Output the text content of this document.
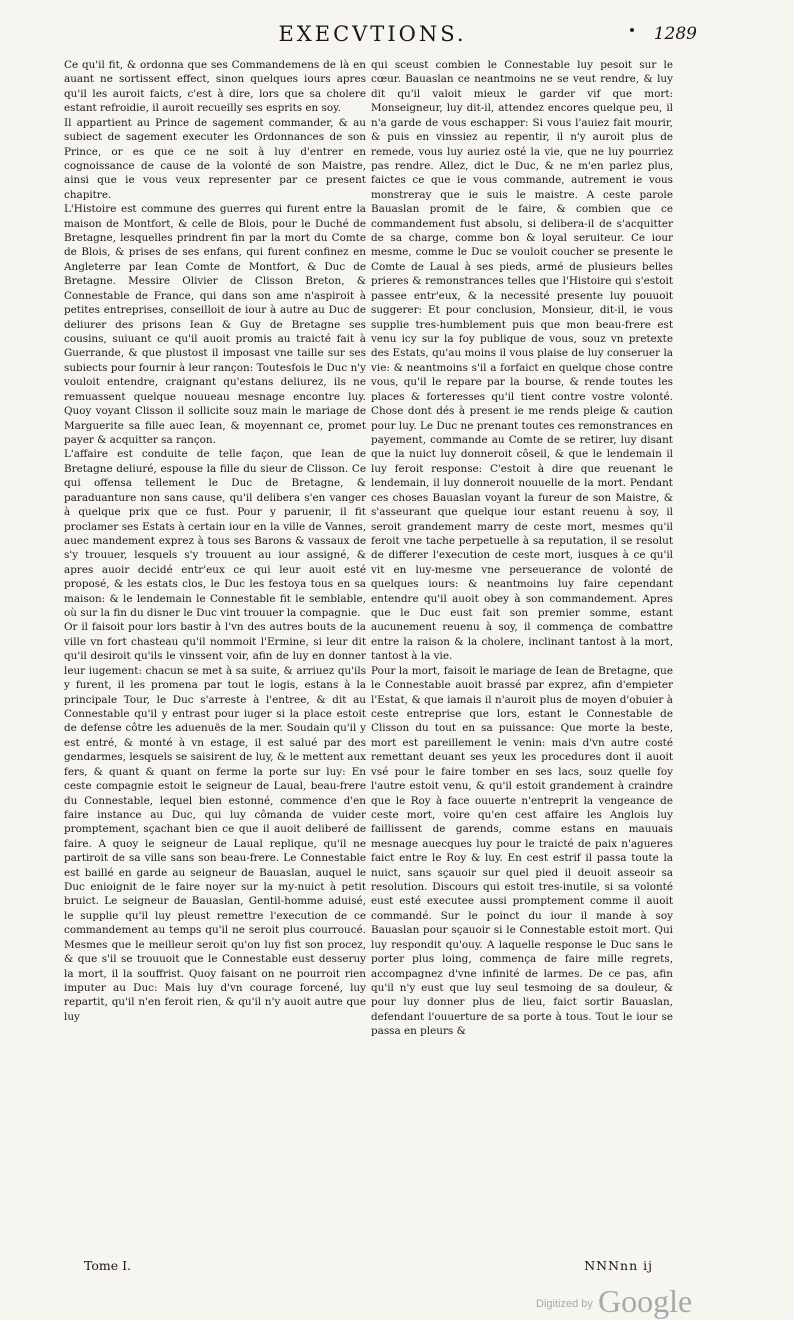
EXECVTIONS.	1289

Ce qu'il fit, & ordonna que ses Commandemens de là en auant ne sortissent effect, sinon quelques iours apres qu'il les auroit faicts, c'est à dire, lors que sa cholere estant refroidie, il auroit recueilly ses esprits en soy.

Il appartient au Prince de sagement commander, & au subiect de sagement executer les Ordonnances de son Prince, or es que ce ne soit à luy d'entrer en cognoissance de cause de la volonté de son Maistre, ainsi que ie vous veux representer par ce present chapitre.

L'Histoire est commune des guerres qui furent entre la maison de Montfort, & celle de Blois, pour le Duché de Bretagne, lesquelles prindrent fin par la mort du Comte de Blois, & prises de ses enfans, qui furent confinez en Angleterre par Iean Comte de Montfort, & Duc de Bretagne. Messire Olivier de Clisson Breton, & Connestable de France, qui dans son ame n'aspiroit à petites entreprises, conseilloit de iour à autre au Duc de deliurer des prisons Iean & Guy de Bretagne ses cousins, suiuant ce qu'il auoit promis au traicté fait à Guerrande, & que plustost il imposast vne taille sur ses subiects pour fournir à leur rançon: Toutesfois le Duc n'y vouloit entendre, craignant qu'estans deliurez, ils ne remuassent quelque nouueau mesnage encontre luy. Quoy voyant Clisson il sollicite souz main le mariage de Marguerite sa fille auec Iean, & moyennant ce, promet payer & acquitter sa rançon.

L'affaire est conduite de telle façon, que Iean de Bretagne deliuré, espouse la fille du sieur de Clisson. Ce qui offensa tellement le Duc de Bretagne, & paraduanture non sans cause, qu'il delibera s'en vanger à quelque prix que ce fust. Pour y paruenir, il fit proclamer ses Estats à certain iour en la ville de Vannes, auec mandement exprez à tous ses Barons & vassaux de s'y trouuer, lesquels s'y trouuent au iour assigné, & apres auoir decidé entr'eux ce qui leur auoit esté proposé, & les estats clos, le Duc les festoya tous en sa maison: & le lendemain le Connestable fit le semblable, où sur la fin du disner le Duc vint trouuer la compagnie.

Or il faisoit pour lors bastir à l'vn des autres bouts de la ville vn fort chasteau qu'il nommoit l'Ermine, si leur dit qu'il desiroit qu'ils le vinssent voir, afin de luy en donner leur iugement: chacun se met à sa suite, & arriuez qu'ils y furent, il les promena par tout le logis, estans à la principale Tour, le Duc s'arreste à l'entree, & dit au Connestable qu'il y entrast pour iuger si la place estoit de defense côtre les aduenuës de la mer. Soudain qu'il y est entré, & monté à vn estage, il est salué par des gendarmes, lesquels se saisirent de luy, & le mettent aux fers, & quant & quant on ferme la porte sur luy: En ceste compagnie estoit le seigneur de Laual, beau-frere du Connestable, lequel bien estonné, commence d'en faire instance au Duc, qui luy cômanda de vuider promptement, sçachant bien ce que il auoit deliberé de faire. A quoy le seigneur de Laual replique, qu'il ne partiroit de sa ville sans son beau-frere. Le Connestable est baillé en garde au seigneur de Bauaslan, auquel le Duc enioignit de le faire noyer sur la my-nuict à petit bruict. Le seigneur de Bauaslan, Gentil-homme aduisé, le supplie qu'il luy pleust remettre l'execution de ce commandement au temps qu'il ne seroit plus courroucé. Mesmes que le meilleur seroit qu'on luy fist son procez, & que s'il se trouuoit que le Connestable eust desseruy la mort, il la souffrist. Quoy faisant on ne pourroit rien imputer au Duc: Mais luy d'vn courage forcené, luy repartit, qu'il n'en feroit rien, & qu'il n'y auoit autre que luy

qui sceust combien le Connestable luy pesoit sur le cœur. Bauaslan ce neantmoins ne se veut rendre, & luy dit qu'il valoit mieux le garder vif que mort: Monseigneur, luy dit-il, attendez encores quelque peu, il n'a garde de vous eschapper: Si vous l'auiez fait mourir, & puis en vinssiez au repentir, il n'y auroit plus de remede, vous luy auriez osté la vie, que ne luy pourriez pas rendre. Allez, dict le Duc, & ne m'en parlez plus, faictes ce que ie vous commande, autrement ie vous monstreray que ie suis le maistre. A ceste parole Bauaslan promit de le faire, & combien que ce commandement fust absolu, si delibera-il de s'acquitter de sa charge, comme bon & loyal seruiteur. Ce iour mesme, comme le Duc se vouloit coucher se presente le Comte de Laual à ses pieds, armé de plusieurs belles prieres & remonstrances telles que l'Histoire qui s'estoit passee entr'eux, & la necessité presente luy pouuoit suggerer: Et pour conclusion, Monsieur, dit-il, ie vous supplie tres-humblement puis que mon beau-frere est venu icy sur la foy publique de vous, souz vn pretexte des Estats, qu'au moins il vous plaise de luy conseruer la vie: & neantmoins s'il a forfaict en quelque chose contre vous, qu'il le repare par la bourse, & rende toutes les places & forteresses qu'il tient contre vostre volonté. Chose dont dés à present ie me rends pleige & caution pour luy. Le Duc ne prenant toutes ces remonstrances en payement, commande au Comte de se retirer, luy disant que la nuict luy donneroit côseil, & que le lendemain il luy feroit response: C'estoit à dire que reuenant le lendemain, il luy donneroit nouuelle de la mort. Pendant ces choses Bauaslan voyant la fureur de son Maistre, & s'asseurant que quelque iour estant reuenu à soy, il seroit grandement marry de ceste mort, mesmes qu'il feroit vne tache perpetuelle à sa reputation, il se resolut de differer l'execution de ceste mort, iusques à ce qu'il vit en luy-mesme vne perseuerance de volonté de quelques iours: & neantmoins luy faire cependant entendre qu'il auoit obey à son commandement. Apres que le Duc eust fait son premier somme, estant aucunement reuenu à soy, il commença de combattre entre la raison & la cholere, inclinant tantost à la mort, tantost à la vie.

Pour la mort, faisoit le mariage de Iean de Bretagne, que le Connestable auoit brassé par exprez, afin d'empieter l'Estat, & que iamais il n'auroit plus de moyen d'obuier à ceste entreprise que lors, estant le Connestable de Clisson du tout en sa puissance: Que morte la beste, mort est pareillement le venin: mais d'vn autre costé remettant deuant ses yeux les procedures dont il auoit vsé pour le faire tomber en ses lacs, souz quelle foy l'autre estoit venu, & qu'il estoit grandement à craindre que le Roy à face ouuerte n'entreprit la vengeance de ceste mort, voire qu'en cest affaire les Anglois luy faillissent de garends, comme estans en mauuais mesnage auecques luy pour le traicté de paix n'agueres faict entre le Roy & luy. En cest estrif il passa toute la nuict, sans sçauoir sur quel pied il deuoit asseoir sa resolution. Discours qui estoit tres-inutile, si sa volonté eust esté executee aussi promptement comme il auoit commandé. Sur le poinct du iour il mande à soy Bauaslan pour sçauoir si le Connestable estoit mort. Qui luy respondit qu'ouy. A laquelle response le Duc sans le porter plus loing, commença de faire mille regrets, accompagnez d'vne infinité de larmes. De ce pas, afin qu'il n'y eust que luy seul tesmoing de sa douleur, & pour luy donner plus de lieu, faict sortir Bauaslan, defendant l'ouuerture de sa porte à tous. Tout le iour se passa en pleurs &

Tome I.	NNNnn ij
Digitized by Google
